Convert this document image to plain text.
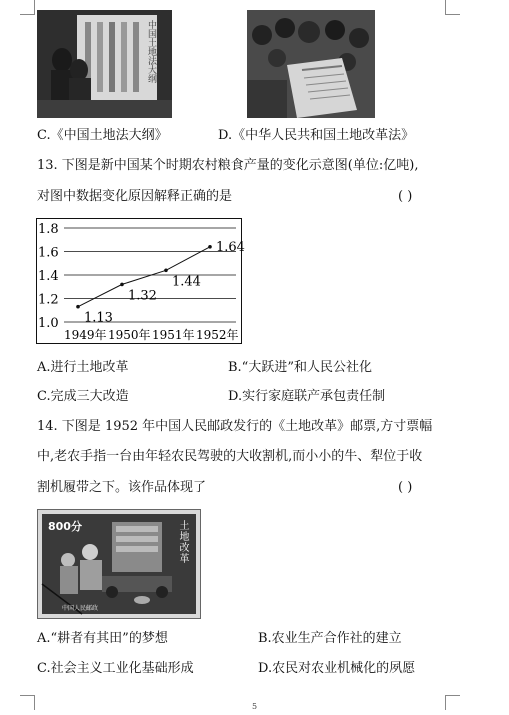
中国土地法大纲
C.《中国土地法大纲》	D.《中华人民共和国土地改革法》
13. 下图是新中国某个时期农村粮食产量的变化示意图(单位:亿吨),
对图中数据变化原因解释正确的是	( )
1.0
1.2
1.4
1.6
1.8
1.13
1.32
1.44
1.64
1949年 1950年 1951年 1952年
A.进行土地改革	B.“大跃进”和人民公社化
C.完成三大改造	D.实行家庭联产承包责任制
14. 下图是 1952 年中国人民邮政发行的《土地改革》邮票,方寸票幅
中,老农手指一台由年轻农民驾驶的大收割机,而小小的牛、犁位于收
割机履带之下。该作品体现了	( )
800分	土地改革
中国人民邮政
A.“耕者有其田”的梦想	B.农业生产合作社的建立
C.社会主义工业化基础形成	D.农民对农业机械化的夙愿
5
